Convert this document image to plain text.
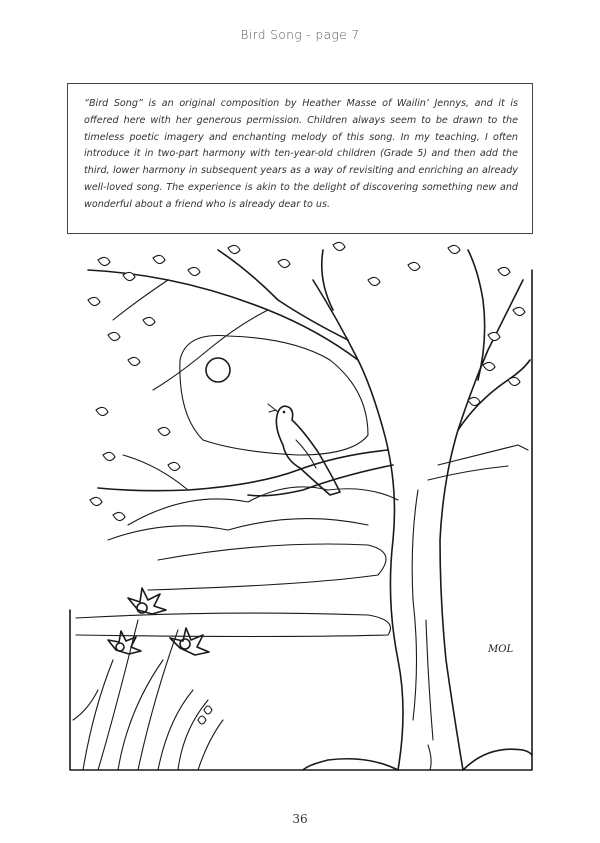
Bird Song - page 7

“Bird Song” is an original composition by Heather Masse of Wailin’ Jennys, and it is offered here with her generous permission. Children always seem to be drawn to the timeless poetic imagery and enchanting melody of this song. In my teaching, I often introduce it in two-part harmony with ten-year-old children (Grade 5) and then add the third, lower harmony in subsequent years as a way of revisiting and enriching an already well-loved song. The experience is akin to the delight of discovering something new and wonderful about a friend who is already dear to us.

MOL
36
